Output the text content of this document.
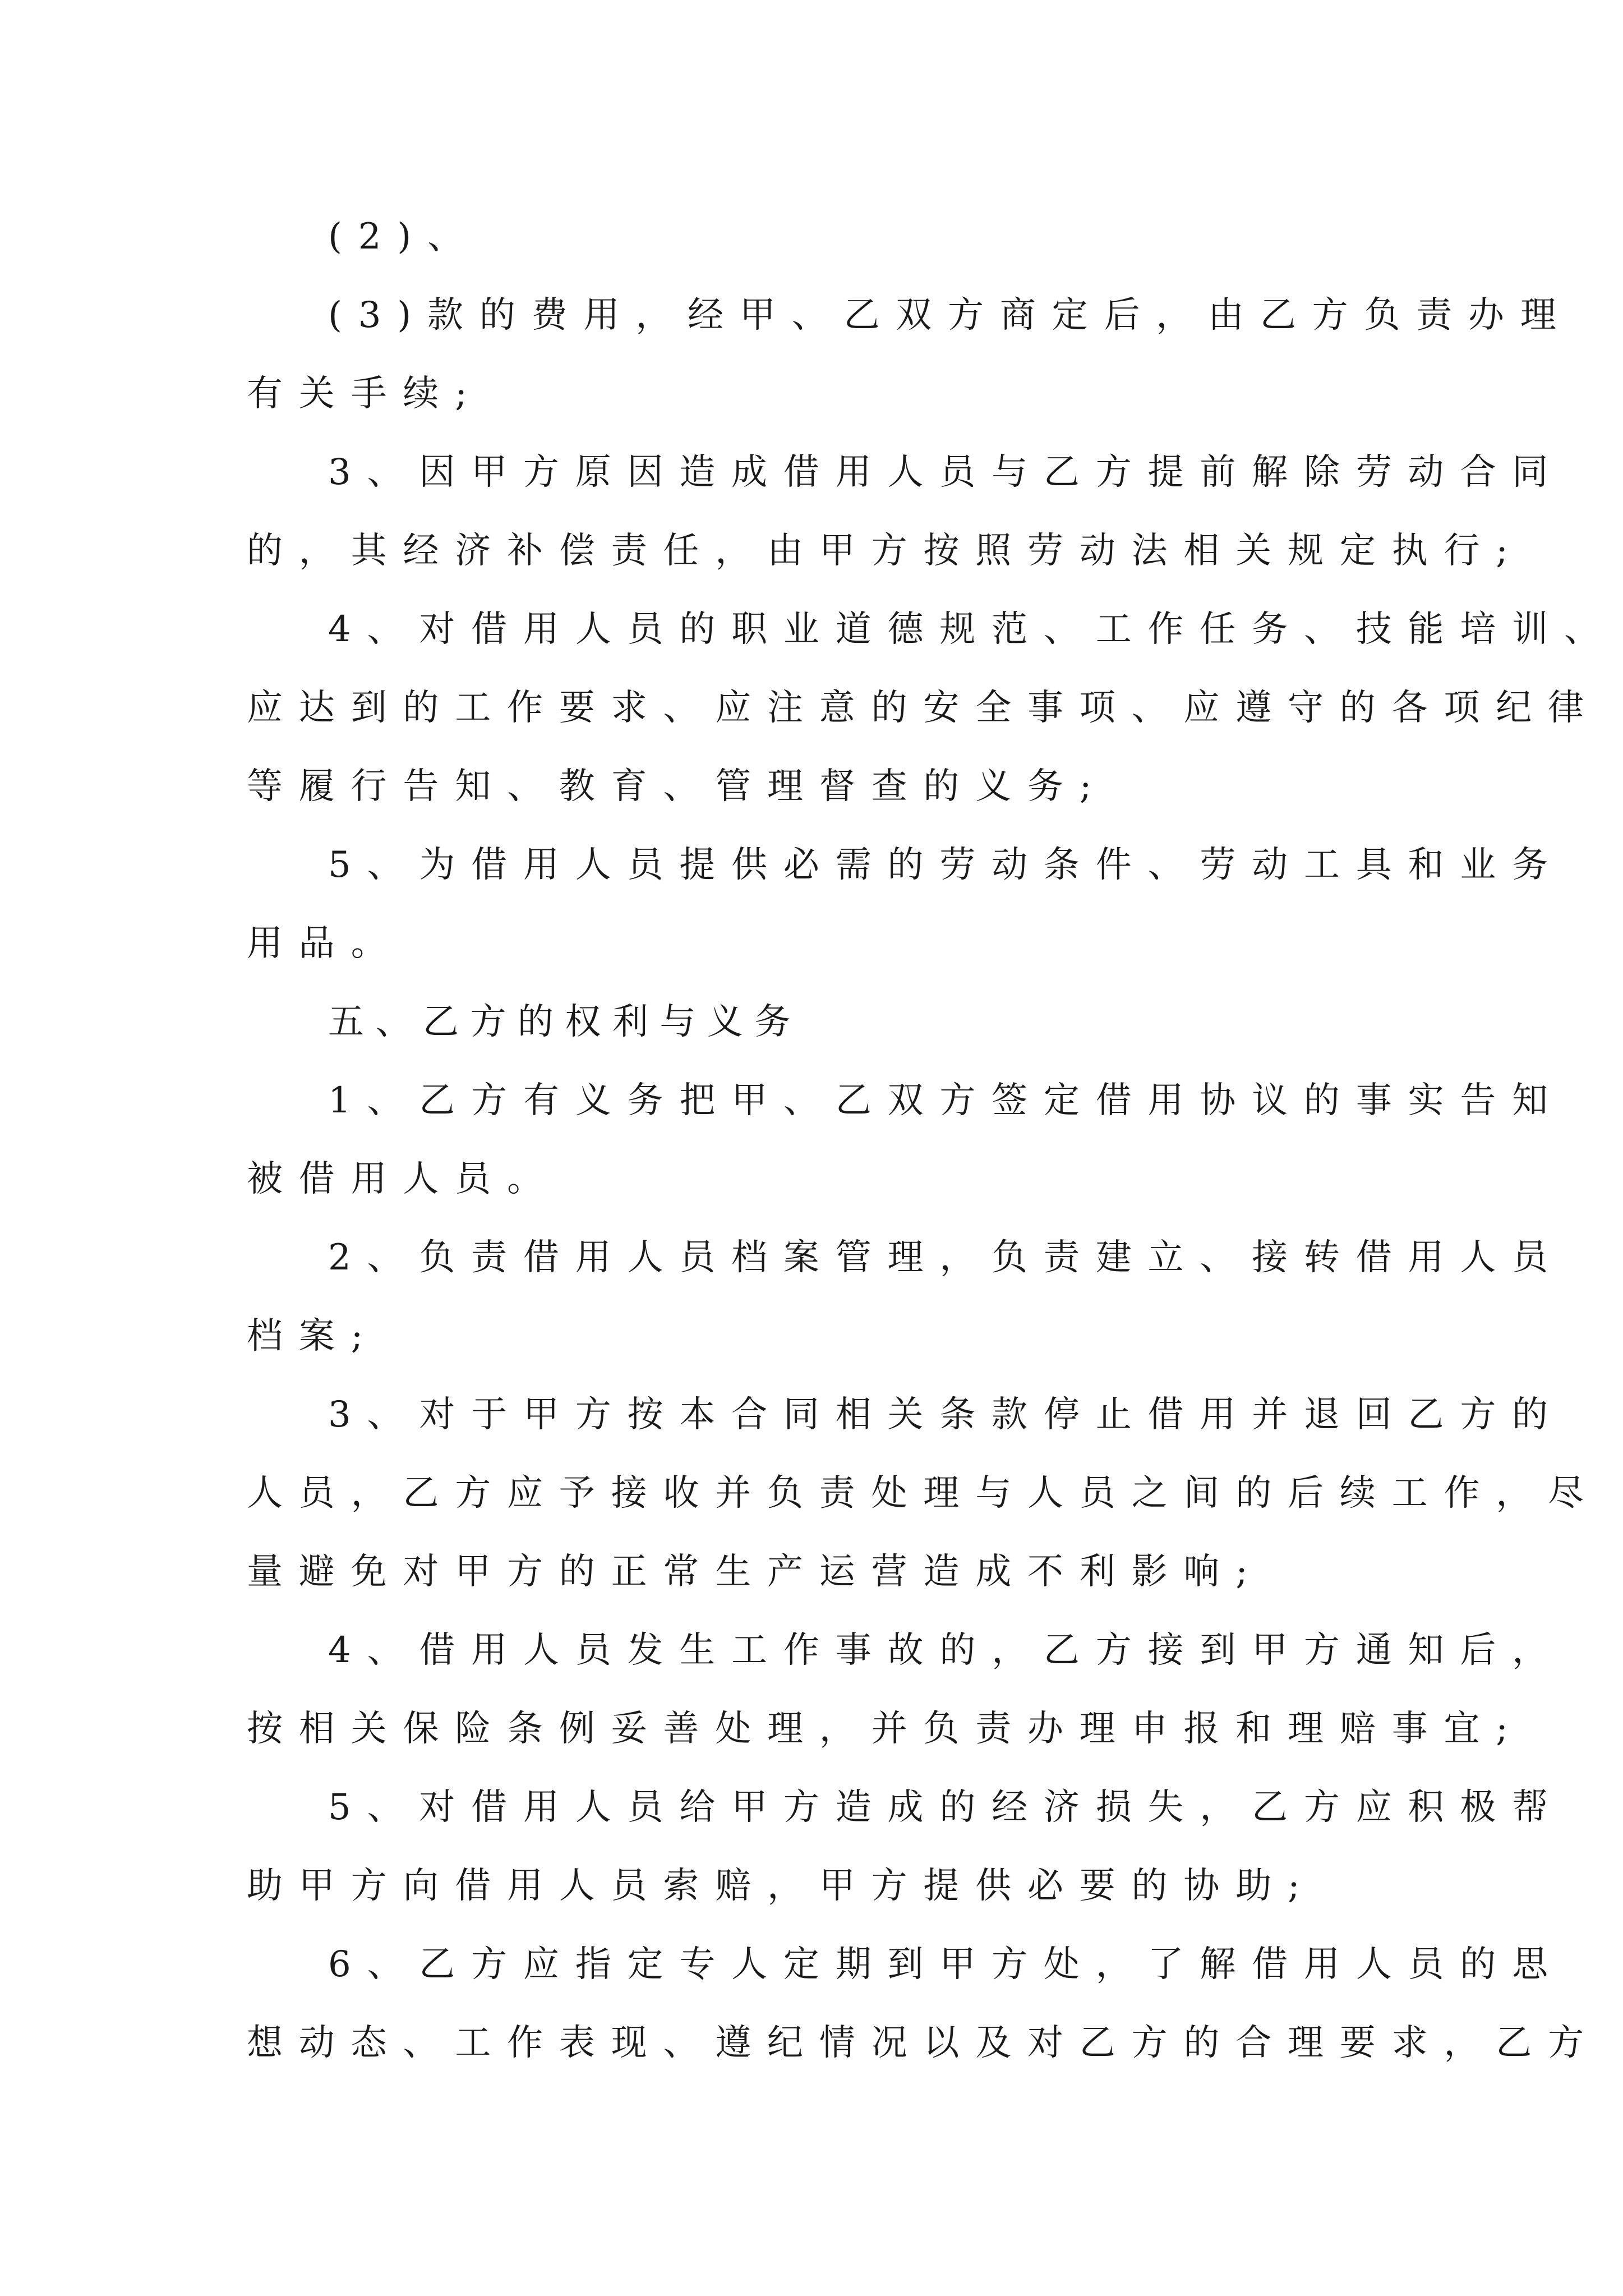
(2)、

(3)款的费用，经甲、乙双方商定后，由乙方负责办理

有关手续;

3、因甲方原因造成借用人员与乙方提前解除劳动合同

的，其经济补偿责任，由甲方按照劳动法相关规定执行;

4、对借用人员的职业道德规范、工作任务、技能培训、

应达到的工作要求、应注意的安全事项、应遵守的各项纪律

等履行告知、教育、管理督查的义务;

5、为借用人员提供必需的劳动条件、劳动工具和业务

用品。

五、乙方的权利与义务

1、乙方有义务把甲、乙双方签定借用协议的事实告知

被借用人员。

2、负责借用人员档案管理，负责建立、接转借用人员

档案;

3、对于甲方按本合同相关条款停止借用并退回乙方的

人员，乙方应予接收并负责处理与人员之间的后续工作，尽

量避免对甲方的正常生产运营造成不利影响;

4、借用人员发生工作事故的，乙方接到甲方通知后，

按相关保险条例妥善处理，并负责办理申报和理赔事宜;

5、对借用人员给甲方造成的经济损失，乙方应积极帮

助甲方向借用人员索赔，甲方提供必要的协助;

6、乙方应指定专人定期到甲方处，了解借用人员的思

想动态、工作表现、遵纪情况以及对乙方的合理要求，乙方
